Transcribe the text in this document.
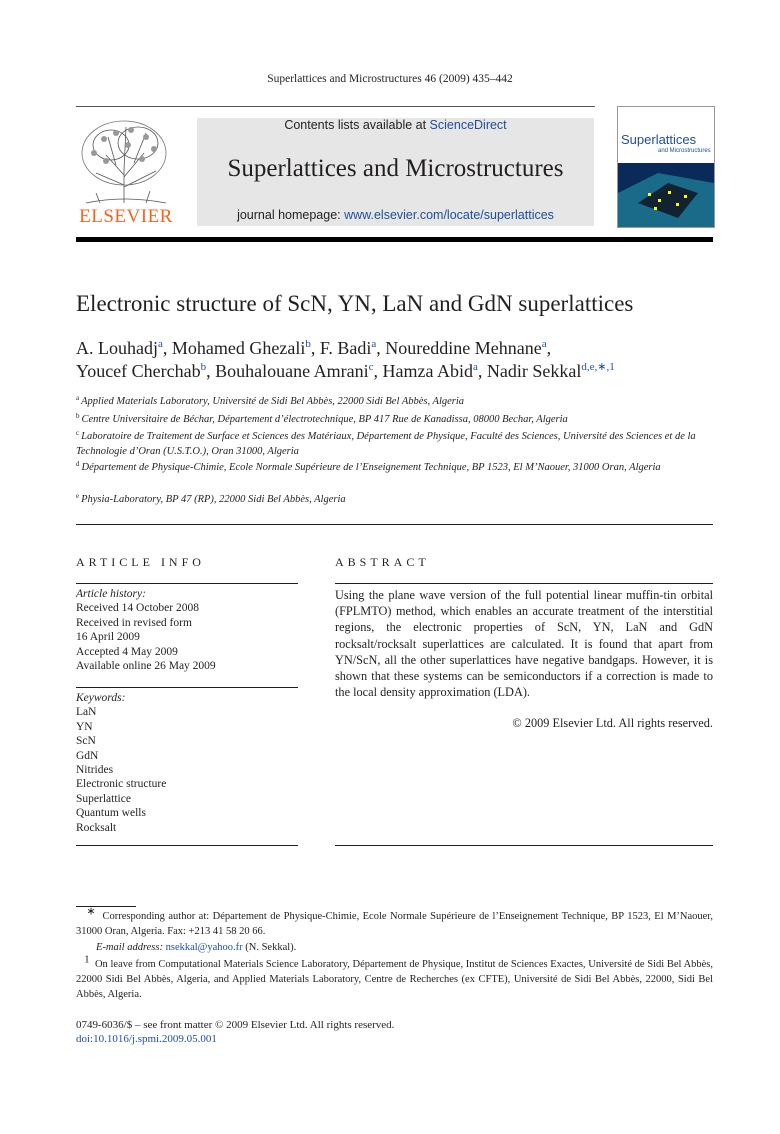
Superlattices and Microstructures 46 (2009) 435–442
ELSEVIER
Contents lists available at ScienceDirect
Superlattices and Microstructures
journal homepage: www.elsevier.com/locate/superlattices
Superlattices
and Microstructures
Electronic structure of ScN, YN, LaN and GdN superlattices
A. Louhadj$^a$, Mohamed Ghezali$^b$, F. Badi$^a$, Noureddine Mehnane$^a$,
Youcef Cherchab$^b$, Bouhalouane Amrani$^c$, Hamza Abid$^a$, Nadir Sekkal$^{d,e,∗,1}$
$^a$ Applied Materials Laboratory, Université de Sidi Bel Abbès, 22000 Sidi Bel Abbès, Algeria
$^b$ Centre Universitaire de Béchar, Département d’électrotechnique, BP 417 Rue de Kanadissa, 08000 Bechar, Algeria
$^c$ Laboratoire de Traitement de Surface et Sciences des Matériaux, Département de Physique, Faculté des Sciences, Université des Sciences et de la Technologie d’Oran (U.S.T.O.), Oran 31000, Algeria
$^d$ Département de Physique-Chimie, Ecole Normale Supérieure de l’Enseignement Technique, BP 1523, El M’Naouer, 31000 Oran, Algeria
$^e$ Physia-Laboratory, BP 47 (RP), 22000 Sidi Bel Abbès, Algeria
ARTICLE INFO
Article history:
Received 14 October 2008
Received in revised form
16 April 2009
Accepted 4 May 2009
Available online 26 May 2009
Keywords:
LaN
YN
ScN
GdN
Nitrides
Electronic structure
Superlattice
Quantum wells
Rocksalt
ABSTRACT
Using the plane wave version of the full potential linear muffin-tin orbital (FPLMTO) method, which enables an accurate treatment of the interstitial regions, the electronic properties of ScN, YN, LaN and GdN rocksalt/rocksalt superlattices are calculated. It is found that apart from YN/ScN, all the other superlattices have negative bandgaps. However, it is shown that these systems can be semiconductors if a correction is made to the local density approximation (LDA).
© 2009 Elsevier Ltd. All rights reserved.
∗ Corresponding author at: Département de Physique-Chimie, Ecole Normale Supérieure de l’Enseignement Technique, BP 1523, El M’Naouer, 31000 Oran, Algeria. Fax: +213 41 58 20 66.
E-mail address: nsekkal@yahoo.fr (N. Sekkal).
$^1$ On leave from Computational Materials Science Laboratory, Département de Physique, Institut de Sciences Exactes, Université de Sidi Bel Abbès, 22000 Sidi Bel Abbès, Algeria, and Applied Materials Laboratory, Centre de Recherches (ex CFTE), Université de Sidi Bel Abbès, 22000, Sidi Bel Abbès, Algeria.
0749-6036/$ – see front matter © 2009 Elsevier Ltd. All rights reserved.
doi:10.1016/j.spmi.2009.05.001
